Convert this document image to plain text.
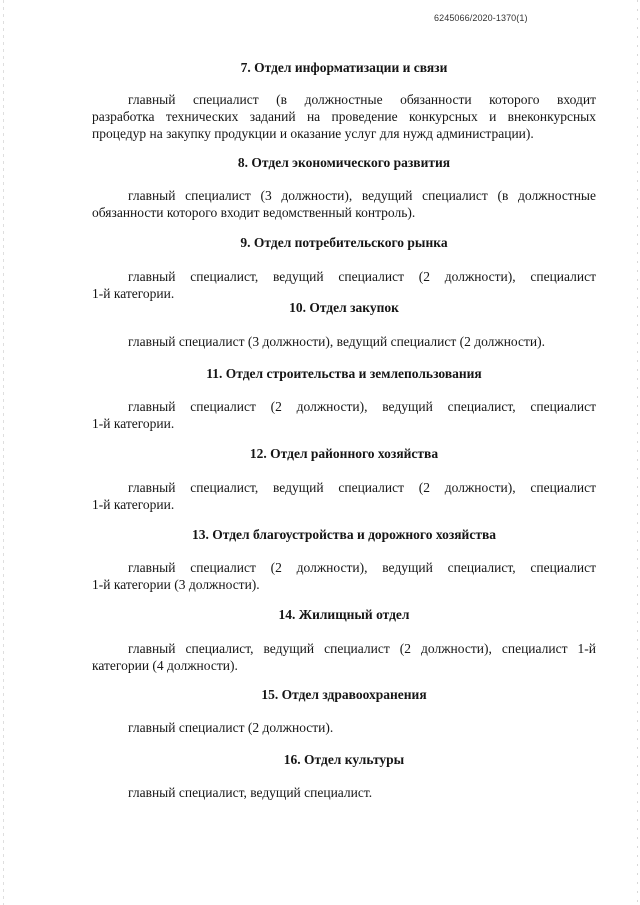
6245066/2020-1370(1)
7. Отдел информатизации и связи
главный специалист (в должностные обязанности которого входит
разработка технических заданий на проведение конкурсных и внеконкурсных
процедур на закупку продукции и оказание услуг для нужд администрации).
8. Отдел экономического развития
главный специалист (3 должности), ведущий специалист (в должностные
обязанности которого входит ведомственный контроль).
9. Отдел потребительского рынка
главный специалист, ведущий специалист (2 должности), специалист
1-й категории.
10. Отдел закупок
главный специалист (3 должности), ведущий специалист (2 должности).
11. Отдел строительства и землепользования
главный специалист (2 должности), ведущий специалист, специалист
1-й категории.
12. Отдел районного хозяйства
главный специалист, ведущий специалист (2 должности), специалист
1-й категории.
13. Отдел благоустройства и дорожного хозяйства
главный специалист (2 должности), ведущий специалист, специалист
1-й категории (3 должности).
14. Жилищный отдел
главный специалист, ведущий специалист (2 должности), специалист 1-й
категории (4 должности).
15. Отдел здравоохранения
главный специалист (2 должности).
16. Отдел культуры
главный специалист, ведущий специалист.
